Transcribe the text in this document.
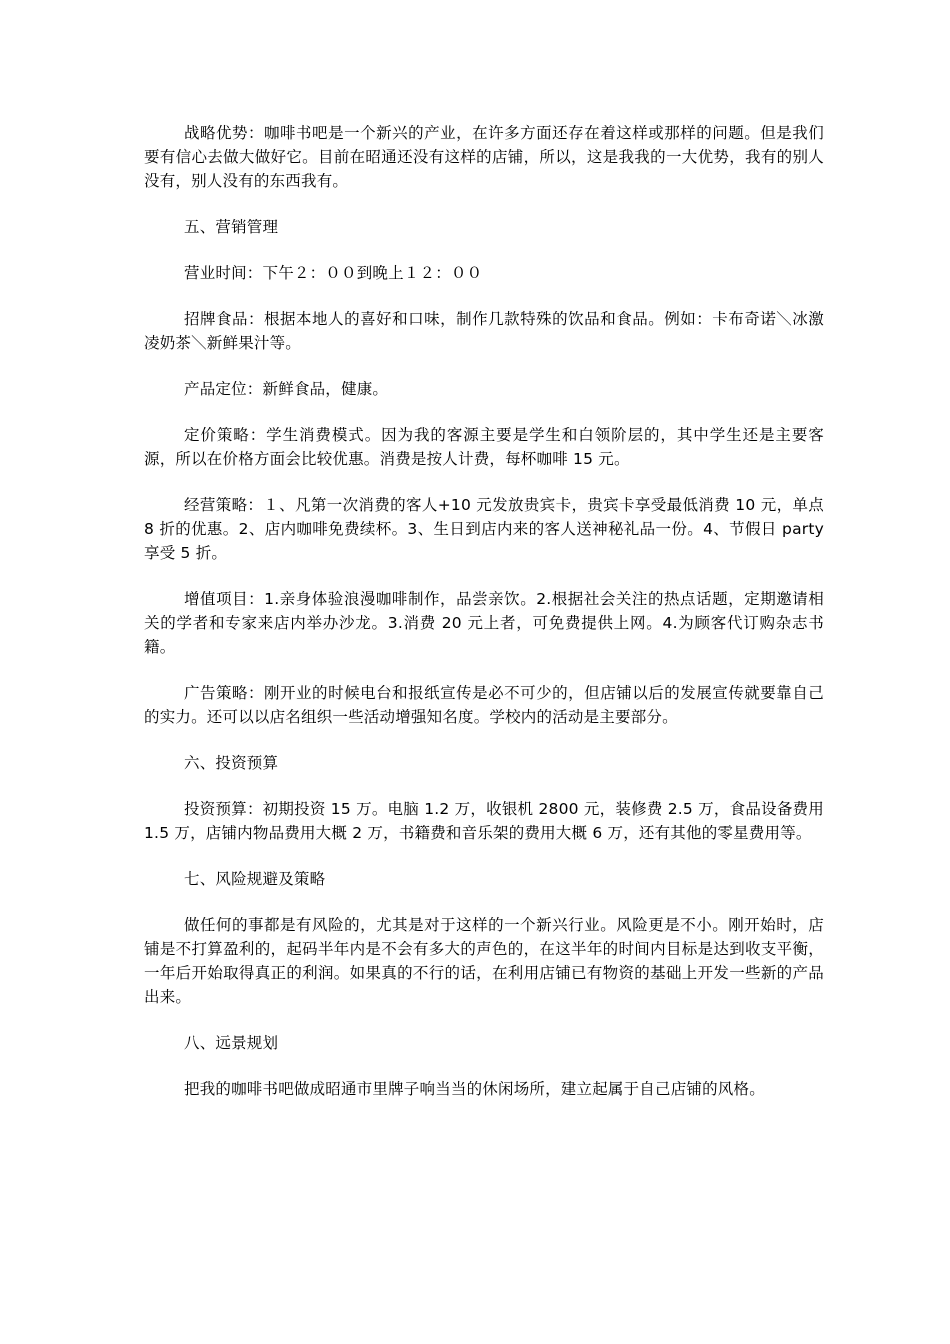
战略优势：咖啡书吧是一个新兴的产业，在许多方面还存在着这样或那样的问题。但是我们要有信心去做大做好它。目前在昭通还没有这样的店铺，所以，这是我我的一大优势，我有的别人没有，别人没有的东西我有。

五、营销管理

营业时间：下午２：００到晚上１２：００

招牌食品：根据本地人的喜好和口味，制作几款特殊的饮品和食品。例如：卡布奇诺＼冰激凌奶茶＼新鲜果汁等。

产品定位：新鲜食品，健康。

定价策略：学生消费模式。因为我的客源主要是学生和白领阶层的，其中学生还是主要客源，所以在价格方面会比较优惠。消费是按人计费，每杯咖啡 15 元。

经营策略：１、凡第一次消费的客人+10 元发放贵宾卡，贵宾卡享受最低消费 10 元，单点 8 折的优惠。2、店内咖啡免费续杯。3、生日到店内来的客人送神秘礼品一份。4、节假日 party 享受 5 折。

增值项目：1.亲身体验浪漫咖啡制作，品尝亲饮。2.根据社会关注的热点话题，定期邀请相关的学者和专家来店内举办沙龙。3.消费 20 元上者，可免费提供上网。4.为顾客代订购杂志书籍。

广告策略：刚开业的时候电台和报纸宣传是必不可少的，但店铺以后的发展宣传就要靠自己的实力。还可以以店名组织一些活动增强知名度。学校内的活动是主要部分。

六、投资预算

投资预算：初期投资 15 万。电脑 1.2 万，收银机 2800 元，装修费 2.5 万，食品设备费用 1.5 万，店铺内物品费用大概 2 万，书籍费和音乐架的费用大概 6 万，还有其他的零星费用等。

七、风险规避及策略

做任何的事都是有风险的，尤其是对于这样的一个新兴行业。风险更是不小。刚开始时，店铺是不打算盈利的，起码半年内是不会有多大的声色的，在这半年的时间内目标是达到收支平衡，一年后开始取得真正的利润。如果真的不行的话，在利用店铺已有物资的基础上开发一些新的产品出来。

八、远景规划

把我的咖啡书吧做成昭通市里牌子响当当的休闲场所，建立起属于自己店铺的风格。
